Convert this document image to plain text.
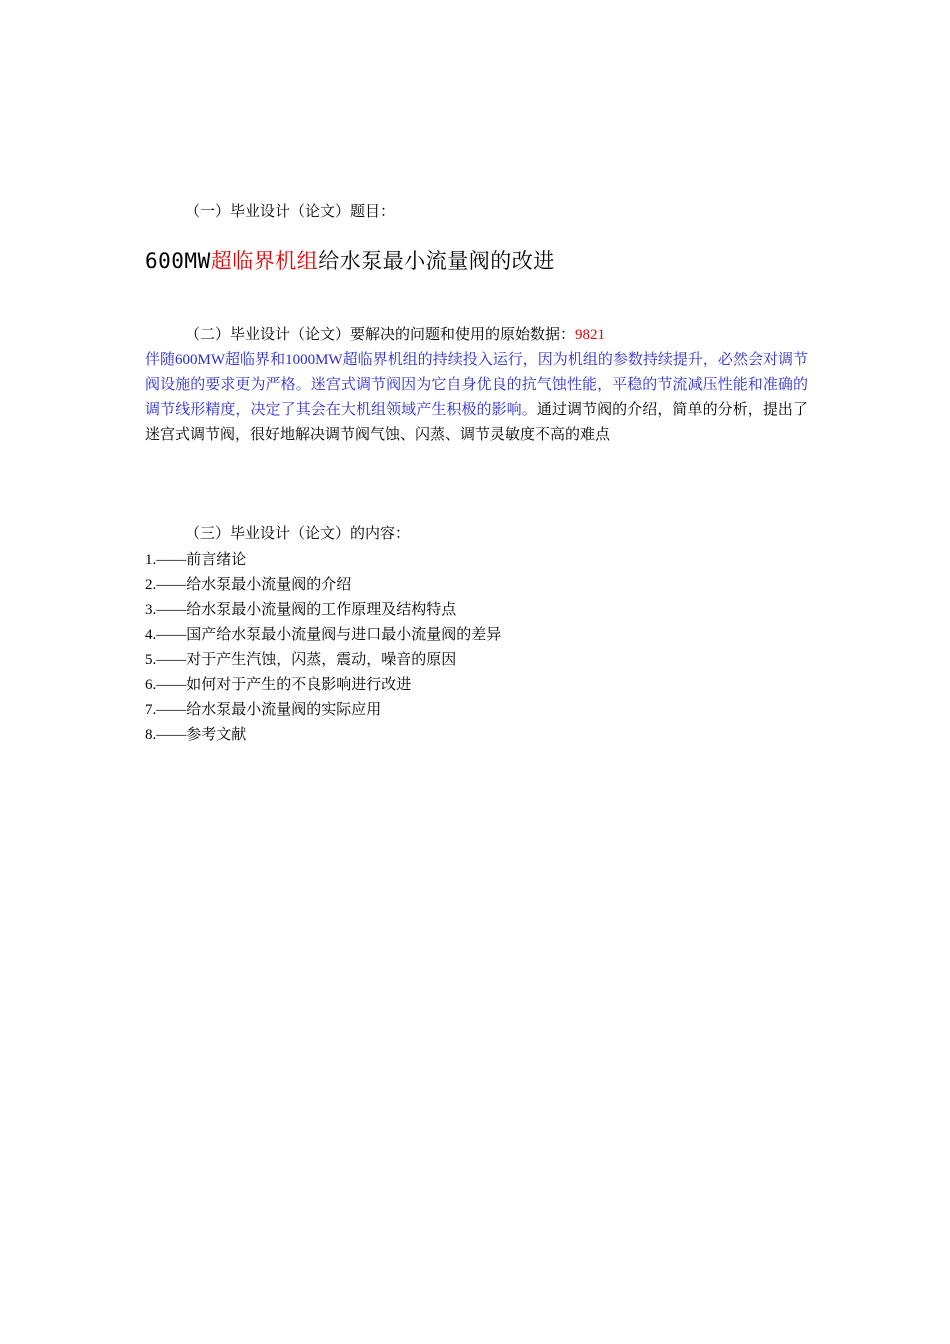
（一）毕业设计（论文）题目：
600MW超临界机组给水泵最小流量阀的改进
（二）毕业设计（论文）要解决的问题和使用的原始数据：9821
伴随600MW超临界和1000MW超临界机组的持续投入运行，因为机组的参数持续提升，必然会对调节阀设施的要求更为严格。迷宫式调节阀因为它自身优良的抗气蚀性能，平稳的节流减压性能和准确的调节线形精度，决定了其会在大机组领域产生积极的影响。通过调节阀的介绍，简单的分析，提出了迷宫式调节阀，很好地解决调节阀气蚀、闪蒸、调节灵敏度不高的难点
（三）毕业设计（论文）的内容：
1.——前言绪论
2.——给水泵最小流量阀的介绍
3.——给水泵最小流量阀的工作原理及结构特点
4.——国产给水泵最小流量阀与进口最小流量阀的差异
5.——对于产生汽蚀，闪蒸，震动，噪音的原因
6.——如何对于产生的不良影响进行改进
7.——给水泵最小流量阀的实际应用
8.——参考文献
